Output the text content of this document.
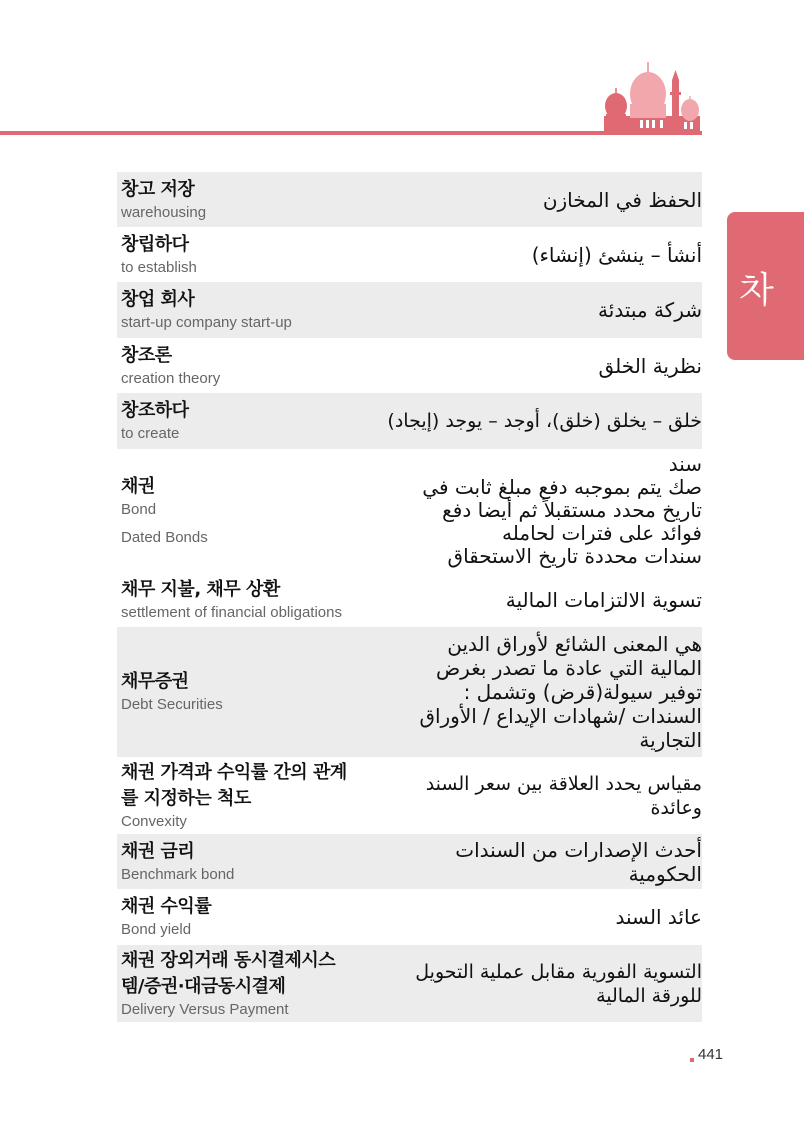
차
창고 저장
warehousing
الحفظ في المخازن
창립하다
to establish
أنشأ – ينشئ (إنشاء)
창업 회사
start-up company start-up
شركة مبتدئة
창조론
creation theory
نظرية الخلق
창조하다
to create
خلق – يخلق (خلق)، أوجد – يوجد (إيجاد)
채권
Bond
Dated Bonds
سند
صك يتم بموجبه دفع مبلغ ثابت في
تاريخ محدد مستقبلاً ثم أيضا دفع
فوائد على فترات لحامله
سندات محددة تاريخ الاستحقاق
채무 지불, 채무 상환
settlement of financial obligations
تسوية الالتزامات المالية
채무증권
Debt Securities
هي المعنى الشائع لأوراق الدين
المالية التي عادة ما تصدر بغرض
توفير سيولة(قرض) وتشمل :
السندات /شهادات الإيداع / الأوراق
التجارية
채권 가격과 수익률 간의 관계
를 지정하는 척도
Convexity
مقياس يحدد العلاقة بين سعر السند
وعائدة
채권 금리
Benchmark bond
أحدث الإصدارات من السندات
الحكومية
채권 수익률
Bond yield
عائد السند
채권 장외거래 동시결제시스
템/증권·대금동시결제
Delivery Versus Payment
التسوية الفورية مقابل عملية التحويل
للورقة المالية
441
